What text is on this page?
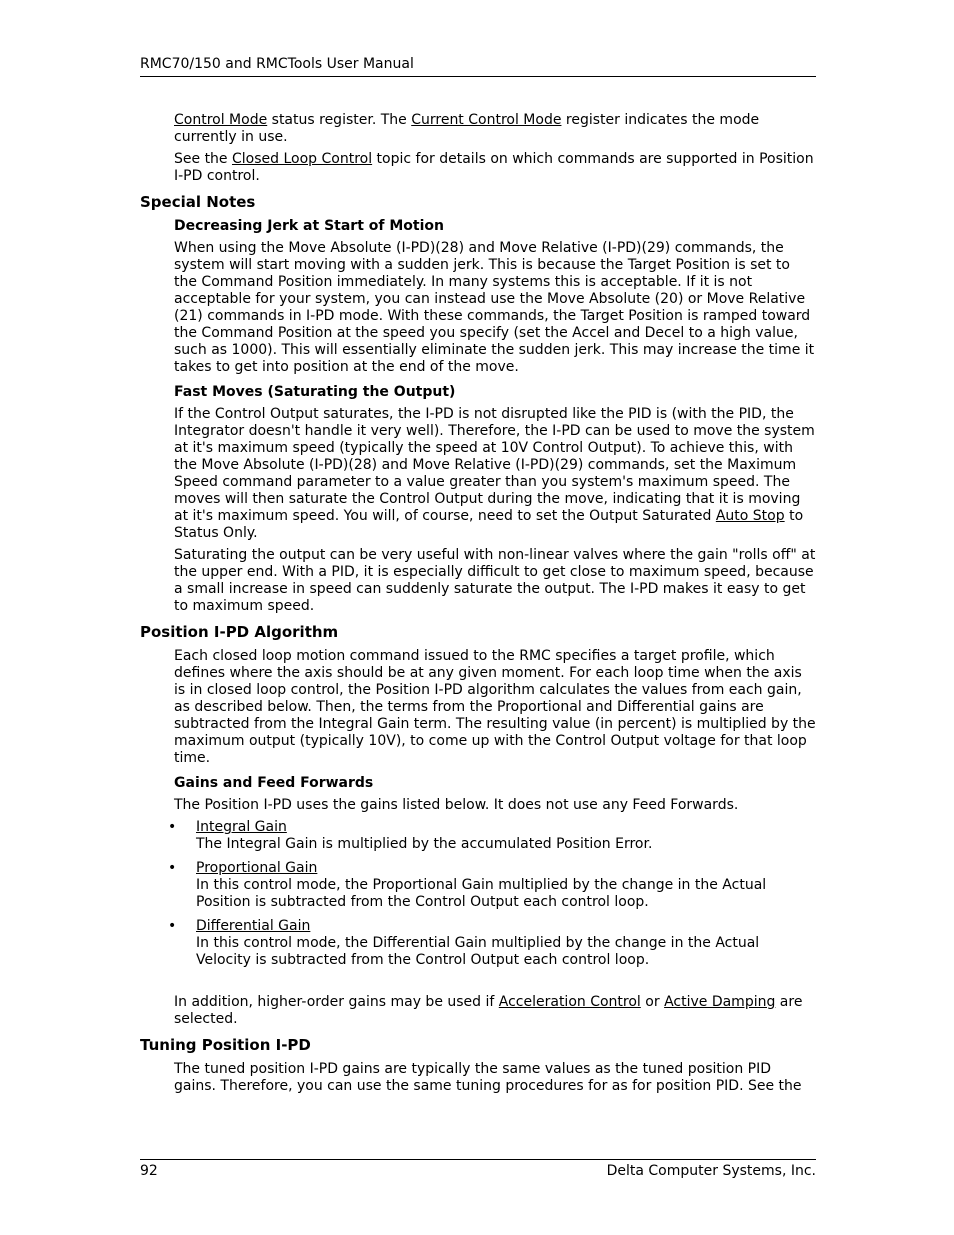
RMC70/150 and RMCTools User Manual

Control Mode status register. The Current Control Mode register indicates the mode currently in use.

See the Closed Loop Control topic for details on which commands are supported in Position I-PD control.

Special Notes
Decreasing Jerk at Start of Motion

When using the Move Absolute (I-PD)(28) and Move Relative (I-PD)(29) commands, the system will start moving with a sudden jerk. This is because the Target Position is set to the Command Position immediately. In many systems this is acceptable. If it is not acceptable for your system, you can instead use the Move Absolute (20) or Move Relative (21) commands in I-PD mode. With these commands, the Target Position is ramped toward the Command Position at the speed you specify (set the Accel and Decel to a high value, such as 1000). This will essentially eliminate the sudden jerk. This may increase the time it takes to get into position at the end of the move.

Fast Moves (Saturating the Output)

If the Control Output saturates, the I-PD is not disrupted like the PID is (with the PID, the Integrator doesn't handle it very well). Therefore, the I-PD can be used to move the system at it's maximum speed (typically the speed at 10V Control Output). To achieve this, with the Move Absolute (I-PD)(28) and Move Relative (I-PD)(29) commands, set the Maximum Speed command parameter to a value greater than you system's maximum speed. The moves will then saturate the Control Output during the move, indicating that it is moving at it's maximum speed. You will, of course, need to set the Output Saturated Auto Stop to Status Only.

Saturating the output can be very useful with non-linear valves where the gain "rolls off" at the upper end. With a PID, it is especially difficult to get close to maximum speed, because a small increase in speed can suddenly saturate the output. The I-PD makes it easy to get to maximum speed.

Position I-PD Algorithm

Each closed loop motion command issued to the RMC specifies a target profile, which defines where the axis should be at any given moment. For each loop time when the axis is in closed loop control, the Position I-PD algorithm calculates the values from each gain, as described below. Then, the terms from the Proportional and Differential gains are subtracted from the Integral Gain term. The resulting value (in percent) is multiplied by the maximum output (typically 10V), to come up with the Control Output voltage for that loop time.

Gains and Feed Forwards

The Position I-PD uses the gains listed below. It does not use any Feed Forwards.

• Integral Gain
The Integral Gain is multiplied by the accumulated Position Error.
• Proportional Gain
In this control mode, the Proportional Gain multiplied by the change in the Actual Position is subtracted from the Control Output each control loop.
• Differential Gain
In this control mode, the Differential Gain multiplied by the change in the Actual Velocity is subtracted from the Control Output each control loop.

In addition, higher-order gains may be used if Acceleration Control or Active Damping are selected.

Tuning Position I-PD

The tuned position I-PD gains are typically the same values as the tuned position PID gains. Therefore, you can use the same tuning procedures for as for position PID. See the

92	Delta Computer Systems, Inc.
